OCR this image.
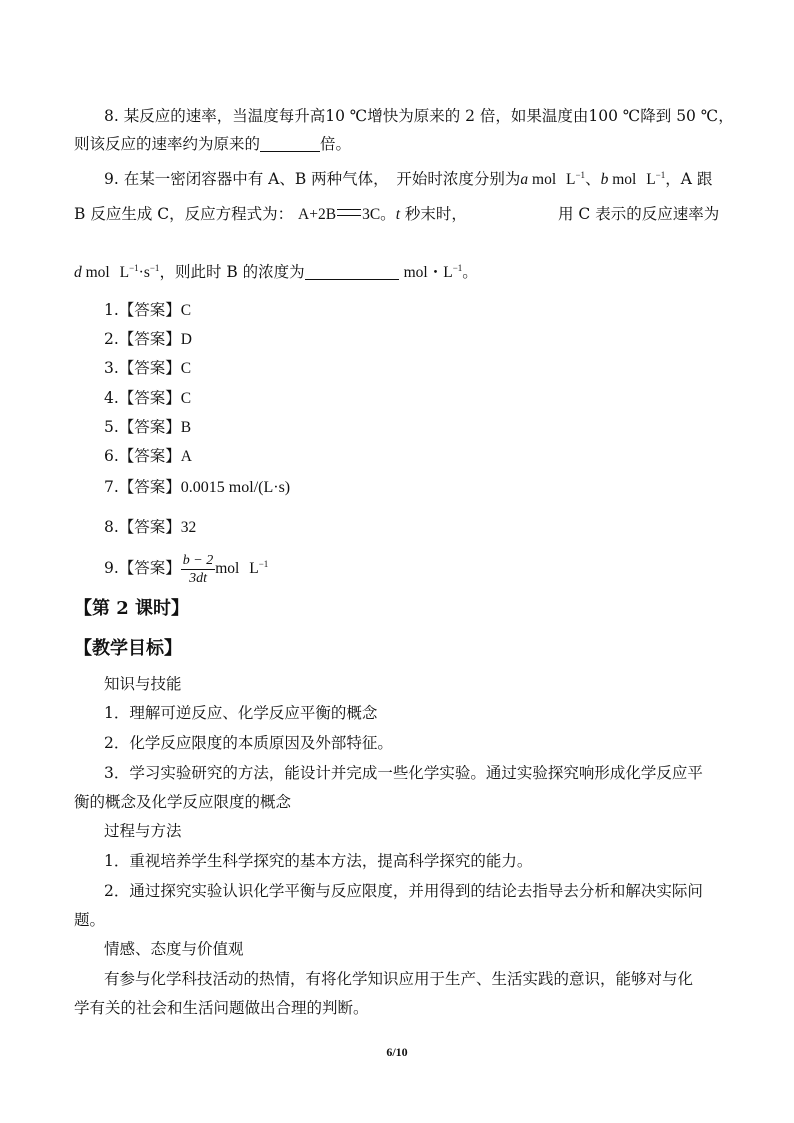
8. 某反应的速率，当温度每升高10 ℃增快为原来的 2 倍，如果温度由100 ℃降到 50 ℃，
则该反应的速率约为原来的	倍。
9. 在某一密闭容器中有 A、B 两种气体，　开始时浓度分别为a mol $L^{-1}$、b mol $L^{-1}$，A 跟
B 反应生成 C，反应方程式为： A+2B 3C。t 秒末时，	用 C 表示的反应速率为
d mol $L^{-1}\cdot s^{-1}$，则此时 B 的浓度为	mol・$L^{-1}$。
1.【答案】C
2.【答案】D
3.【答案】C
4.【答案】C
5.【答案】B
6.【答案】A
7.【答案】0.0015 mol/(L·s)
8.【答案】32
9.【答案】 $\frac{b - 2}{3dt}$ mol $L^{-1}$
【第 2 课时】
【教学目标】
知识与技能
1．理解可逆反应、化学反应平衡的概念
2．化学反应限度的本质原因及外部特征。
3．学习实验研究的方法，能设计并完成一些化学实验。通过实验探究响形成化学反应平
衡的概念及化学反应限度的概念
过程与方法
1．重视培养学生科学探究的基本方法，提高科学探究的能力。
2．通过探究实验认识化学平衡与反应限度，并用得到的结论去指导去分析和解决实际问
题。
情感、态度与价值观
有参与化学科技活动的热情，有将化学知识应用于生产、生活实践的意识，能够对与化
学有关的社会和生活问题做出合理的判断。
6/10
